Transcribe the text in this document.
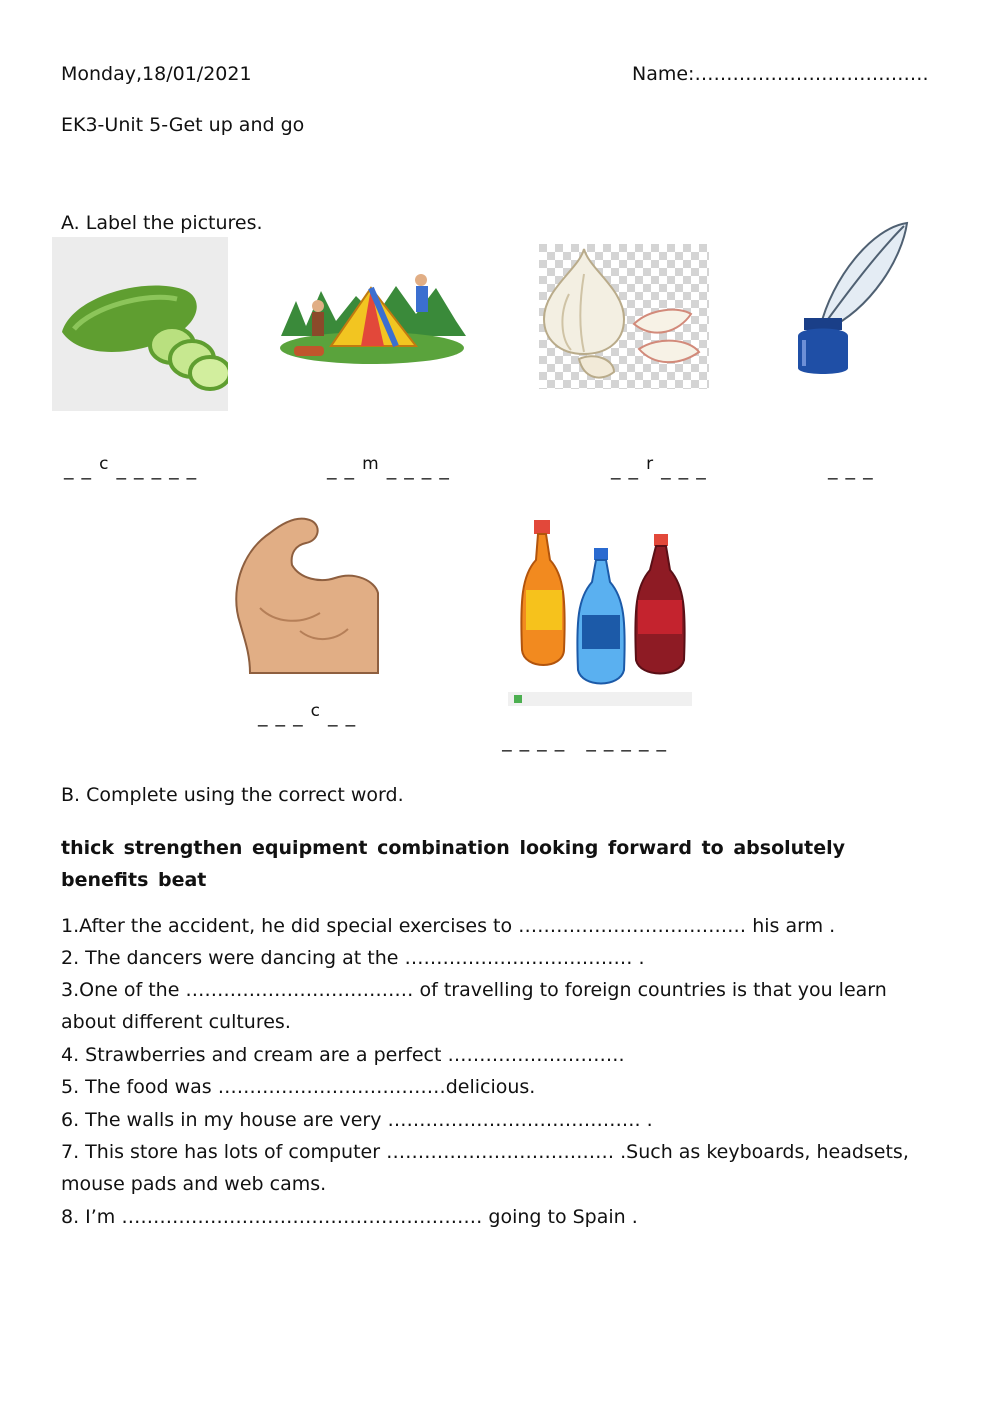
Monday,18/01/2021	Name:……………………………….
EK3-Unit 5-Get up and go
A. Label the pictures.
_ _ c _ _ _ _ _	_ _ m _ _ _ _	_ _ r _ _ _	_ _ _
_ _ _ c _ _

_ _ _ _   _ _ _ _ _

B. Complete using the correct word.
thick strengthen equipment combination looking forward to absolutely benefits beat
1.After the accident, he did special exercises to ……………………………… his arm .
2. The dancers were dancing at the ……………………………… .
3.One of the ……………………………… of travelling to foreign countries is that you learn about different cultures.
4. Strawberries and cream are a perfect ……………………….
5. The food was ………………………………delicious.
6. The walls in my house are very …………………………………. .
7. This store has lots of computer ……………………………… .Such as keyboards, headsets, mouse pads and web cams.
8. I’m ………………………………………………… going to Spain .
